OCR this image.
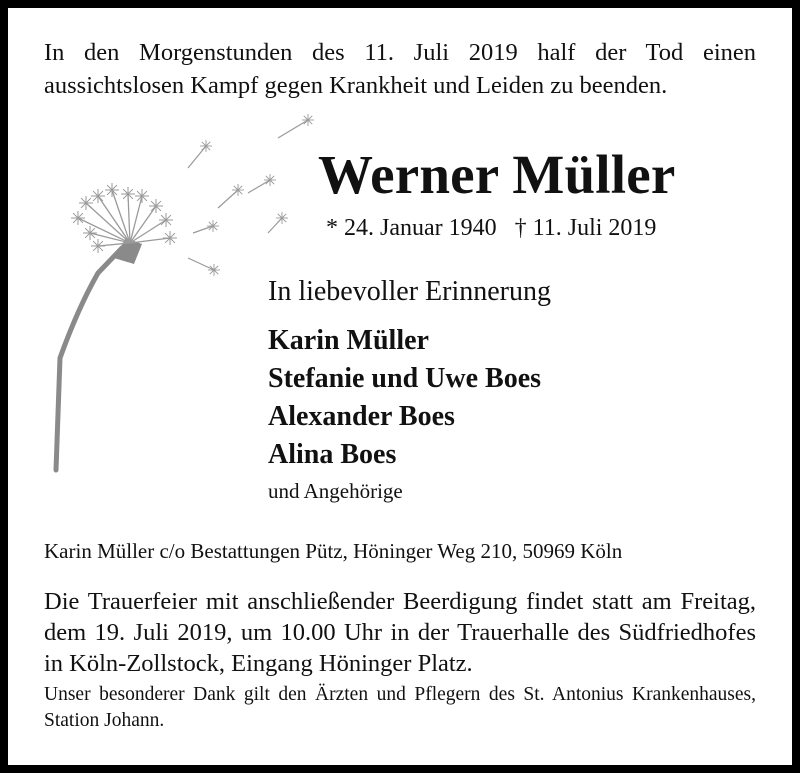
In den Morgenstunden des 11. Juli 2019 half der Tod einen aussichtslosen Kampf gegen Krankheit und Leiden zu beenden.
Werner Müller
* 24. Januar 1940   † 11. Juli 2019
In liebevoller Erinnerung
Karin Müller
Stefanie und Uwe Boes
Alexander Boes
Alina Boes
und Angehörige
Karin Müller c/o Bestattungen Pütz, Höninger Weg 210, 50969 Köln
Die Trauerfeier mit anschließender Beerdigung findet statt am Freitag, dem 19. Juli 2019, um 10.00 Uhr in der Trauerhalle des Südfriedhofes in Köln-Zollstock, Eingang Höninger Platz.
Unser besonderer Dank gilt den Ärzten und Pflegern des St. Antonius Krankenhauses, Station Johann.
